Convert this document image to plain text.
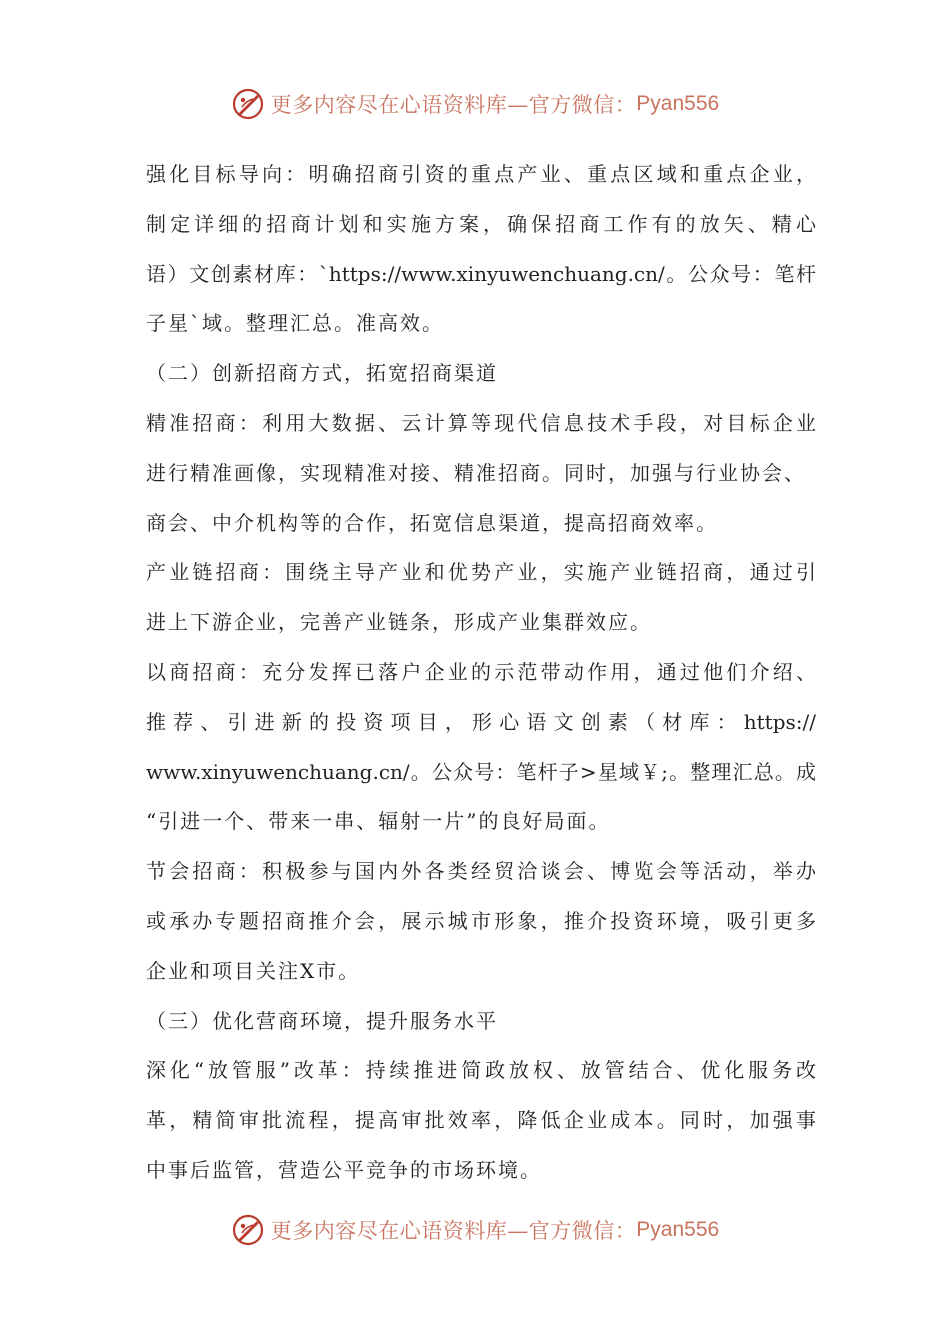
更多内容尽在心语资料库—官方微信： Pyan556
强化目标导向：明确招商引资的重点产业、重点区域和重点企业，
制定详细的招商计划和实施方案，确保招商工作有的放矢、精心
语）文创素材库：`https://www.xinyuwenchuang.cn/。公众号：笔杆
子星`域。整理汇总。准高效。
（二）创新招商方式，拓宽招商渠道
精准招商：利用大数据、云计算等现代信息技术手段，对目标企业
进行精准画像，实现精准对接、精准招商。同时，加强与行业协会、
商会、中介机构等的合作，拓宽信息渠道，提高招商效率。
产业链招商：围绕主导产业和优势产业，实施产业链招商，通过引
进上下游企业，完善产业链条，形成产业集群效应。
以商招商：充分发挥已落户企业的示范带动作用，通过他们介绍、
推荐、引进新的投资项目，形心语文创素（材库：https://
www.xinyuwenchuang.cn/。公众号：笔杆子>星域￥;。整理汇总。成
“引进一个、带来一串、辐射一片”的良好局面。
节会招商：积极参与国内外各类经贸洽谈会、博览会等活动，举办
或承办专题招商推介会，展示城市形象，推介投资环境，吸引更多
企业和项目关注X市。
（三）优化营商环境，提升服务水平
深化“放管服”改革：持续推进简政放权、放管结合、优化服务改
革，精简审批流程，提高审批效率，降低企业成本。同时，加强事
中事后监管，营造公平竞争的市场环境。
更多内容尽在心语资料库—官方微信： Pyan556
